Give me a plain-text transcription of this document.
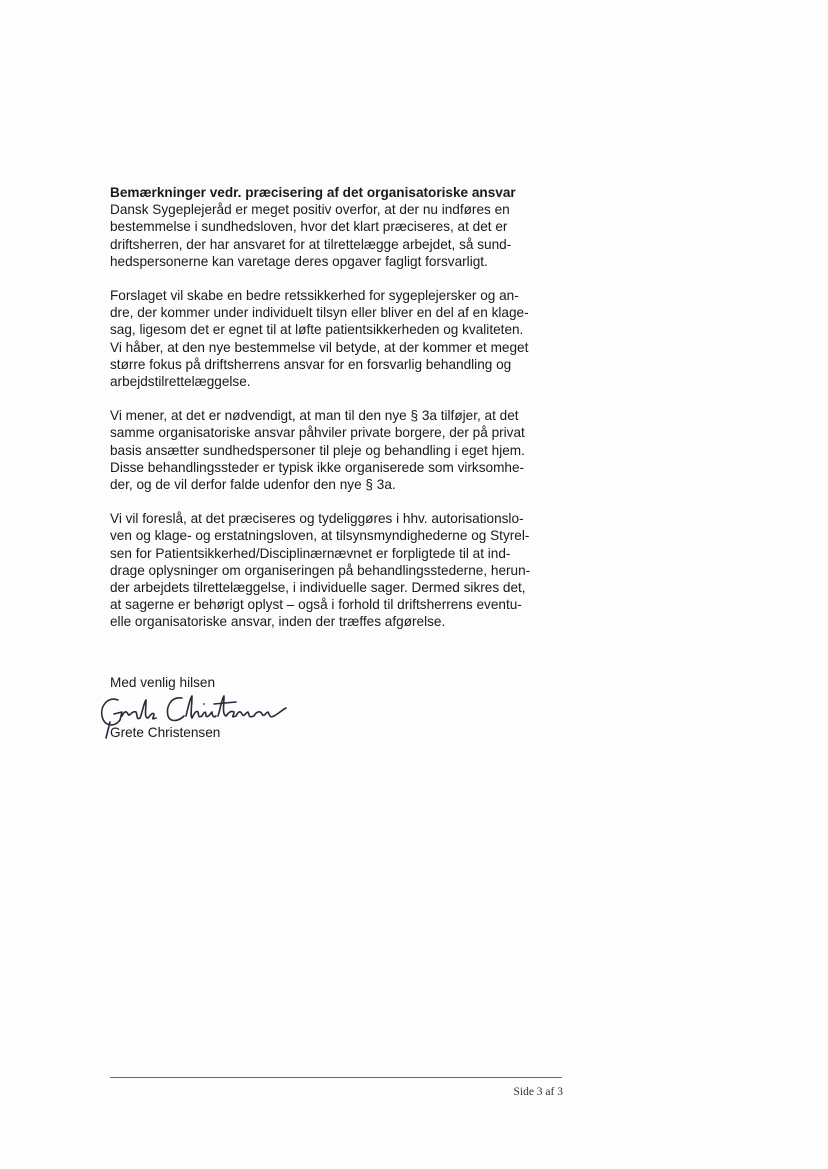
Bemærkninger vedr. præcisering af det organisatoriske ansvar

Dansk Sygeplejeråd er meget positiv overfor, at der nu indføres en
bestemmelse i sundhedsloven, hvor det klart præciseres, at det er
driftsherren, der har ansvaret for at tilrettelægge arbejdet, så sund-
hedspersonerne kan varetage deres opgaver fagligt forsvarligt.

Forslaget vil skabe en bedre retssikkerhed for sygeplejersker og an-
dre, der kommer under individuelt tilsyn eller bliver en del af en klage-
sag, ligesom det er egnet til at løfte patientsikkerheden og kvaliteten.
Vi håber, at den nye bestemmelse vil betyde, at der kommer et meget
større fokus på driftsherrens ansvar for en forsvarlig behandling og
arbejdstilrettelæggelse.

Vi mener, at det er nødvendigt, at man til den nye § 3a tilføjer, at det
samme organisatoriske ansvar påhviler private borgere, der på privat
basis ansætter sundhedspersoner til pleje og behandling i eget hjem.
Disse behandlingssteder er typisk ikke organiserede som virksomhe-
der, og de vil derfor falde udenfor den nye § 3a.

Vi vil foreslå, at det præciseres og tydeliggøres i hhv. autorisationslo-
ven og klage- og erstatningsloven, at tilsynsmyndighederne og Styrel-
sen for Patientsikkerhed/Disciplinærnævnet er forpligtede til at ind-
drage oplysninger om organiseringen på behandlingsstederne, herun-
der arbejdets tilrettelæggelse, i individuelle sager. Dermed sikres det,
at sagerne er behørigt oplyst – også i forhold til driftsherrens eventu-
elle organisatoriske ansvar, inden der træffes afgørelse.

Med venlig hilsen
Grete Christensen
Side 3 af 3
